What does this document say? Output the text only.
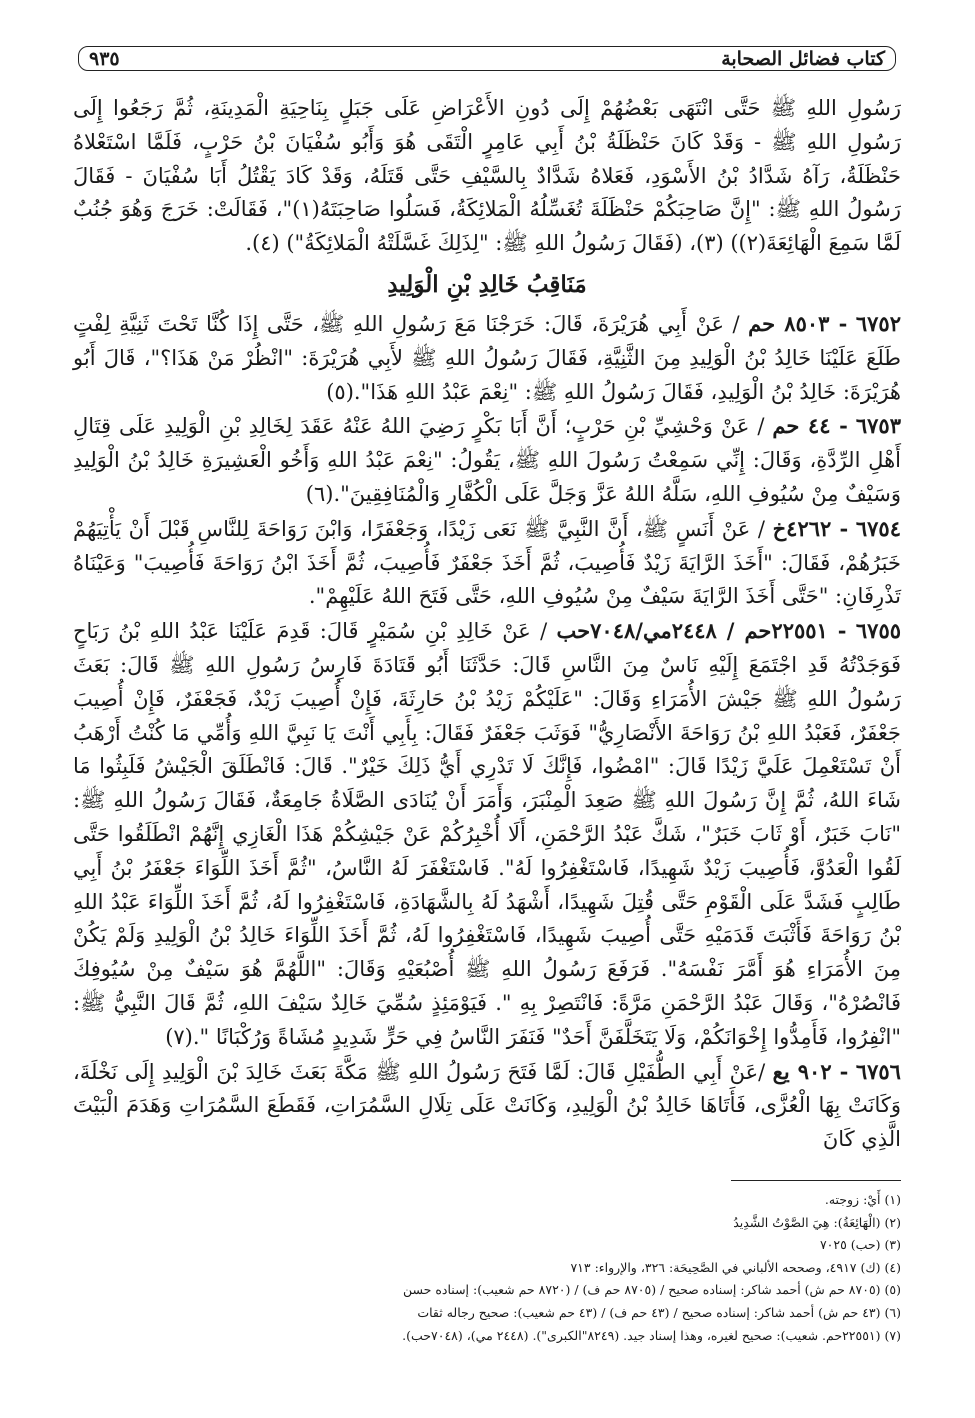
٩٣٥	كتاب فضائل الصحابة

رَسُولِ اللهِ ﷺ حَتَّى انْتَهَى بَعْضُهُمْ إِلَى دُونِ الأَعْرَاضِ عَلَى جَبَلٍ بِنَاحِيَةِ الْمَدِينَةِ، ثُمَّ رَجَعُوا إِلَى رَسُولِ اللهِ ﷺ - وَقَدْ كَانَ حَنْظَلَةُ بْنُ أَبِي عَامِرٍ الْتَقَى هُوَ وَأَبُو سُفْيَانَ بْنُ حَرْبٍ، فَلَمَّا اسْتَعْلاهُ حَنْظَلَةُ، رَآهُ شَدَّادُ بْنُ الأَسْوَدِ، فَعَلاهُ شَدَّادٌ بِالسَّيْفِ حَتَّى قَتَلَهُ، وَقَدْ كَادَ يَقْتُلُ أَبَا سُفْيَانَ - فَقَالَ رَسُولُ اللهِ ﷺ: "إِنَّ صَاحِبَكُمْ حَنْظَلَةَ تُغَسِّلُهُ الْمَلائِكَةُ، فَسَلُوا صَاحِبَتَهُ(١)"، فَقَالَتْ: خَرَجَ وَهُوَ جُنُبٌ لَمَّا سَمِعَ الْهَائِعَةَ(٢)) (٣)، (فَقَالَ رَسُولُ اللهِ ﷺ: "لِذَلِكَ غَسَّلَتْهُ الْمَلائِكَةُ") (٤).

مَنَاقِبُ خَالِدِ بْنِ الْوَلِيدِ

٦٧٥٢ - ٨٥٠٣ حم / عَنْ أَبِي هُرَيْرَةَ، قَالَ: خَرَجْنَا مَعَ رَسُولِ اللهِ ﷺ، حَتَّى إِذَا كُنَّا تَحْتَ ثَنِيَّةِ لِفْتٍ طَلَعَ عَلَيْنَا خَالِدُ بْنُ الْوَلِيدِ مِنَ الثَّنِيَّةِ، فَقَالَ رَسُولُ اللهِ ﷺ لأَبِي هُرَيْرَةَ: "انْظُرْ مَنْ هَذَا؟"، قَالَ أَبُو هُرَيْرَةَ: خَالِدُ بْنُ الْوَلِيدِ، فَقَالَ رَسُولُ اللهِ ﷺ: "نِعْمَ عَبْدُ اللهِ هَذَا".(٥)

٦٧٥٣ - ٤٤ حم / عَنْ وَحْشِيِّ بْنِ حَرْبٍ؛ أَنَّ أَبَا بَكْرٍ رَضِيَ اللهُ عَنْهُ عَقَدَ لِخَالِدِ بْنِ الْوَلِيدِ عَلَى قِتَالِ أَهْلِ الرِّدَّةِ، وَقَالَ: إِنِّي سَمِعْتُ رَسُولَ اللهِ ﷺ، يَقُولُ: "نِعْمَ عَبْدُ اللهِ وَأَخُو الْعَشِيرَةِ خَالِدُ بْنُ الْوَلِيدِ وَسَيْفٌ مِنْ سُيُوفِ اللهِ، سَلَّهُ اللهُ عَزَّ وَجَلَّ عَلَى الْكُفَّارِ وَالْمُنَافِقِينَ".(٦)

٦٧٥٤ - ٤٢٦٢خ / عَنْ أَنَسٍ ﷺ، أَنَّ النَّبِيَّ ﷺ نَعَى زَيْدًا، وَجَعْفَرًا، وَابْنَ رَوَاحَةَ لِلنَّاسِ قَبْلَ أَنْ يَأْتِيَهُمْ خَبَرُهُمْ، فَقَالَ: "أَخَذَ الرَّايَةَ زَيْدٌ فَأُصِيبَ، ثُمَّ أَخَذَ جَعْفَرٌ فَأُصِيبَ، ثُمَّ أَخَذَ ابْنُ رَوَاحَةَ فَأُصِيبَ" وَعَيْنَاهُ تَذْرِفَانِ: "حَتَّى أَخَذَ الرَّايَةَ سَيْفٌ مِنْ سُيُوفِ اللهِ، حَتَّى فَتَحَ اللهُ عَلَيْهِمْ".

٦٧٥٥ - ٢٢٥٥١حم / ٢٤٤٨مي/٧٠٤٨حب / عَنْ خَالِدِ بْنِ سُمَيْرٍ قَالَ: قَدِمَ عَلَيْنَا عَبْدُ اللهِ بْنُ رَبَاحٍ فَوَجَدْتُهُ قَدِ اجْتَمَعَ إِلَيْهِ نَاسٌ مِنَ النَّاسِ قَالَ: حَدَّثَنَا أَبُو قَتَادَةَ فَارِسُ رَسُولِ اللهِ ﷺ قَالَ: بَعَثَ رَسُولُ اللهِ ﷺ جَيْشَ الأُمَرَاءِ وَقَالَ: "عَلَيْكُمْ زَيْدُ بْنُ حَارِثَةَ، فَإِنْ أُصِيبَ زَيْدٌ، فَجَعْفَرٌ، فَإِنْ أُصِيبَ جَعْفَرٌ، فَعَبْدُ اللهِ بْنُ رَوَاحَةَ الأَنْصَارِيُّ" فَوَثَبَ جَعْفَرٌ فَقَالَ: بِأَبِي أَنْتَ يَا نَبِيَّ اللهِ وَأُمِّي مَا كُنْتُ أَرْهَبُ أَنْ تَسْتَعْمِلَ عَلَيَّ زَيْدًا قَالَ: "امْضُوا، فَإِنَّكَ لَا تَدْرِي أَيُّ ذَلِكَ خَيْرٌ". قَالَ: فَانْطَلَقَ الْجَيْشُ فَلَبِثُوا مَا شَاءَ اللهُ، ثُمَّ إِنَّ رَسُولَ اللهِ ﷺ صَعِدَ الْمِنْبَرَ، وَأَمَرَ أَنْ يُنَادَى الصَّلَاةُ جَامِعَةٌ، فَقَالَ رَسُولُ اللهِ ﷺ: "نَابَ خَبَرٌ، أَوْ ثَابَ خَبَرٌ"، شَكَّ عَبْدُ الرَّحْمَنِ، أَلَا أُخْبِرُكُمْ عَنْ جَيْشِكُمْ هَذَا الْغَازِي إِنَّهُمْ انْطَلَقُوا حَتَّى لَقُوا الْعَدُوَّ، فَأُصِيبَ زَيْدٌ شَهِيدًا، فَاسْتَغْفِرُوا لَهُ". فَاسْتَغْفَرَ لَهُ النَّاسُ، "ثُمَّ أَخَذَ اللِّوَاءَ جَعْفَرُ بْنُ أَبِي طَالِبٍ فَشَدَّ عَلَى الْقَوْمِ حَتَّى قُتِلَ شَهِيدًا، أَشْهَدُ لَهُ بِالشَّهَادَةِ، فَاسْتَغْفِرُوا لَهُ، ثُمَّ أَخَذَ اللِّوَاءَ عَبْدُ اللهِ بْنُ رَوَاحَةَ فَأَثْبَتَ قَدَمَيْهِ حَتَّى أُصِيبَ شَهِيدًا، فَاسْتَغْفِرُوا لَهُ، ثُمَّ أَخَذَ اللِّوَاءَ خَالِدُ بْنُ الْوَلِيدِ وَلَمْ يَكُنْ مِنَ الأُمَرَاءِ هُوَ أَمَّرَ نَفْسَهُ". فَرَفَعَ رَسُولُ اللهِ ﷺ أُصْبُعَيْهِ وَقَالَ: "اللَّهُمَّ هُوَ سَيْفٌ مِنْ سُيُوفِكَ فَانْصُرْهُ"، وَقَالَ عَبْدُ الرَّحْمَنِ مَرَّةً: فَانْتَصِرْ بِهِ ". فَيَوْمَئِذٍ سُمِّيَ خَالِدٌ سَيْفَ اللهِ، ثُمَّ قَالَ النَّبِيُّ ﷺ: "انْفِرُوا، فَأَمِدُّوا إِخْوَانَكُمْ، وَلَا يَتَخَلَّفَنَّ أَحَدٌ" فَنَفَرَ النَّاسُ فِي حَرٍّ شَدِيدٍ مُشَاةً وَرُكْبَانًا ".(٧)

٦٧٥٦ - ٩٠٢ يع /عَنْ أَبِي الطُّفَيْلِ قَالَ: لَمَّا فَتَحَ رَسُولُ اللهِ ﷺ مَكَّةَ بَعَثَ خَالِدَ بْنَ الْوَلِيدِ إِلَى نَخْلَةَ، وَكَانَتْ بِهَا الْعُزَّى، فَأَتَاهَا خَالِدُ بْنُ الْوَلِيدِ، وَكَانَتْ عَلَى تِلَالِ السَّمُرَاتِ، فَقَطَعَ السَّمُرَاتِ وَهَدَمَ الْبَيْتَ الَّذِي كَانَ

(١) أَيْ: زوجته.
(٢) (الْهَائِعَةُ): هِيَ الصَّوْتُ الشَّدِيدُ
(٣) (حب) ٧٠٢٥
(٤) (ك) ٤٩١٧، وصححه الألباني في الصَّحِيحَة: ٣٢٦، والإرواء: ٧١٣
(٥) (٨٧٠٥ حم ش) أحمد شاكر: إسناده صحيح / (٨٧٠٥ حم ف) / (٨٧٢٠ حم شعيب): إسناده حسن
(٦) (٤٣ حم ش) أحمد شاكر: إسناده صحيح / (٤٣ حم ف) / (٤٣ حم شعيب): صحيح رجاله ثقات
(٧) (٢٢٥٥١حم. شعيب): صحيح لغيره، وهذا إسناد جيد. (٨٢٤٩"الكبرى"). (٢٤٤٨ مي)، (٧٠٤٨حب).
